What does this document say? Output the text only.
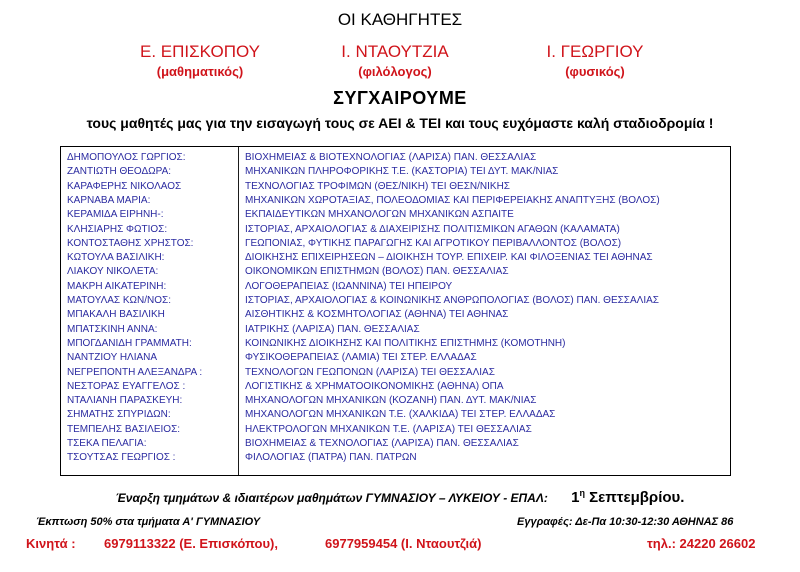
ΟΙ ΚΑΘΗΓΗΤΕΣ
Ε. ΕΠΙΣΚΟΠΟΥ
(μαθηματικός)
Ι. ΝΤΑΟΥΤΖΙΑ
(φιλόλογος)
Ι. ΓΕΩΡΓΙΟΥ
(φυσικός)
ΣΥΓΧΑΙΡΟΥΜΕ
τους μαθητές μας για την εισαγωγή τους σε ΑΕΙ & ΤΕΙ και τους ευχόμαστε καλή σταδιοδρομία !
ΔΗΜΟΠΟΥΛΟΣ ΓΩΡΓΙΟΣ:	ΒΙΟΧΗΜΕΙΑΣ & ΒΙΟΤΕΧΝΟΛΟΓΙΑΣ (ΛΑΡΙΣΑ) ΠΑΝ. ΘΕΣΣΑΛΙΑΣ
ΖΑΝΤΙΩΤΗ ΘΕΟΔΩΡΑ:	ΜΗΧΑΝΙΚΩΝ ΠΛΗΡΟΦΟΡΙΚΗΣ Τ.Ε. (ΚΑΣΤΟΡΙΑ) ΤΕΙ ΔΥΤ. ΜΑΚ/ΝΙΑΣ
ΚΑΡΑΦΕΡΗΣ ΝΙΚΟΛΑΟΣ	ΤΕΧΝΟΛΟΓΙΑΣ ΤΡΟΦΙΜΩΝ (ΘΕΣ/ΝΙΚΗ) ΤΕΙ ΘΕΣΝ/ΝΙΚΗΣ
ΚΑΡΝΑΒΑ ΜΑΡΙΑ:	ΜΗΧΑΝΙΚΩΝ ΧΩΡΟΤΑΞΙΑΣ, ΠΟΛΕΟΔΟΜΙΑΣ ΚΑΙ ΠΕΡΙΦΕΡΕΙΑΚΗΣ ΑΝΑΠΤΥΞΗΣ (ΒΟΛΟΣ)
ΚΕΡΑΜΙΔΑ ΕΙΡΗΝΗ-:	ΕΚΠΑΙΔΕΥΤΙΚΩΝ ΜΗΧΑΝΟΛΟΓΩΝ ΜΗΧΑΝΙΚΩΝ ΑΣΠΑΙΤΕ
ΚΛΗΣΙΑΡΗΣ ΦΩΤΙΟΣ:	ΙΣΤΟΡΙΑΣ, ΑΡΧΑΙΟΛΟΓΙΑΣ & ΔΙΑΧΕΙΡΙΣΗΣ ΠΟΛΙΤΙΣΜΙΚΩΝ ΑΓΑΘΩΝ (ΚΑΛΑΜΑΤΑ)
ΚΟΝΤΟΣΤΑΘΗΣ ΧΡΗΣΤΟΣ:	ΓΕΩΠΟΝΙΑΣ, ΦΥΤΙΚΗΣ ΠΑΡΑΓΩΓΗΣ ΚΑΙ ΑΓΡΟΤΙΚΟΥ ΠΕΡΙΒΑΛΛΟΝΤΟΣ (ΒΟΛΟΣ)
ΚΩΤΟΥΛΑ ΒΑΣΙΛΙΚΗ:	ΔΙΟΙΚΗΣΗΣ ΕΠΙΧΕΙΡΗΣΕΩΝ – ΔΙΟΙΚΗΣΗ ΤΟΥΡ. ΕΠΙΧΕΙΡ. ΚΑΙ ΦΙΛΟΞΕΝΙΑΣ ΤΕΙ ΑΘΗΝΑΣ
ΛΙΑΚΟΥ ΝΙΚΟΛΕΤΑ:	ΟΙΚΟΝΟΜΙΚΩΝ ΕΠΙΣΤΗΜΩΝ (ΒΟΛΟΣ) ΠΑΝ. ΘΕΣΣΑΛΙΑΣ
ΜΑΚΡΗ ΑΙΚΑΤΕΡΙΝΗ:	ΛΟΓΟΘΕΡΑΠΕΙΑΣ (ΙΩΑΝΝΙΝΑ) ΤΕΙ ΗΠΕΙΡΟΥ
ΜΑΤΟΥΛΑΣ ΚΩΝ/ΝΟΣ:	ΙΣΤΟΡΙΑΣ, ΑΡΧΑΙΟΛΟΓΙΑΣ & ΚΟΙΝΩΝΙΚΗΣ ΑΝΘΡΩΠΟΛΟΓΙΑΣ (ΒΟΛΟΣ) ΠΑΝ. ΘΕΣΣΑΛΙΑΣ
ΜΠΑΚΑΛΗ ΒΑΣΙΛΙΚΗ	ΑΙΣΘΗΤΙΚΗΣ & ΚΟΣΜΗΤΟΛΟΓΙΑΣ (ΑΘΗΝΑ) ΤΕΙ ΑΘΗΝΑΣ
ΜΠΑΤΣΚΙΝΗ ΑΝΝΑ:	ΙΑΤΡΙΚΗΣ (ΛΑΡΙΣΑ) ΠΑΝ. ΘΕΣΣΑΛΙΑΣ
ΜΠΟΓΔΑΝΙΔΗ ΓΡΑΜΜΑΤΗ:	ΚΟΙΝΩΝΙΚΗΣ ΔΙΟΙΚΗΣΗΣ ΚΑΙ ΠΟΛΙΤΙΚΗΣ ΕΠΙΣΤΗΜΗΣ (ΚΟΜΟΤΗΝΗ)
ΝΑΝΤΖΙΟΥ ΗΛΙΑΝΑ	ΦΥΣΙΚΟΘΕΡΑΠΕΙΑΣ (ΛΑΜΙΑ) ΤΕΙ ΣΤΕΡ. ΕΛΛΑΔΑΣ
ΝΕΓΡΕΠΟΝΤΗ ΑΛΕΞΑΝΔΡΑ :	ΤΕΧΝΟΛΟΓΩΝ ΓΕΩΠΟΝΩΝ (ΛΑΡΙΣΑ) ΤΕΙ ΘΕΣΣΑΛΙΑΣ
ΝΕΣΤΟΡΑΣ ΕΥΑΓΓΕΛΟΣ :	ΛΟΓΙΣΤΙΚΗΣ & ΧΡΗΜΑΤΟΟΙΚΟΝΟΜΙΚΗΣ (ΑΘΗΝΑ) ΟΠΑ
ΝΤΑΛΙΑΝΗ ΠΑΡΑΣΚΕΥΗ:	ΜΗΧΑΝΟΛΟΓΩΝ ΜΗΧΑΝΙΚΩΝ (ΚΟΖΑΝΗ) ΠΑΝ. ΔΥΤ. ΜΑΚ/ΝΙΑΣ
ΣΗΜΑΤΗΣ ΣΠΥΡΙΔΩΝ:	ΜΗΧΑΝΟΛΟΓΩΝ ΜΗΧΑΝΙΚΩΝ Τ.Ε. (ΧΑΛΚΙΔΑ) ΤΕΙ ΣΤΕΡ. ΕΛΛΑΔΑΣ
ΤΕΜΠΕΛΗΣ ΒΑΣΙΛΕΙΟΣ:	ΗΛΕΚΤΡΟΛΟΓΩΝ ΜΗΧΑΝΙΚΩΝ Τ.Ε. (ΛΑΡΙΣΑ) ΤΕΙ ΘΕΣΣΑΛΙΑΣ
ΤΣΕΚΑ ΠΕΛΑΓΙΑ:	ΒΙΟΧΗΜΕΙΑΣ & ΤΕΧΝΟΛΟΓΙΑΣ (ΛΑΡΙΣΑ) ΠΑΝ. ΘΕΣΣΑΛΙΑΣ
ΤΣΟΥΤΣΑΣ ΓΕΩΡΓΙΟΣ :	ΦΙΛΟΛΟΓΙΑΣ (ΠΑΤΡΑ) ΠΑΝ. ΠΑΤΡΩΝ
Έναρξη τμημάτων & ιδιαιτέρων μαθημάτων ΓΥΜΝΑΣΙΟΥ – ΛΥΚΕΙΟΥ - ΕΠΑΛ: $1^\eta$ Σεπτεμβρίου.
Έκπτωση 50% στα τμήματα Α' ΓΥΜΝΑΣΙΟΥ	Εγγραφές: Δε-Πα 10:30-12:30 ΑΘΗΝΑΣ 86
Κινητά : 6979113322 (Ε. Επισκόπου),	6977959454 (Ι. Νταουτζιά)	τηλ.: 24220 26602
